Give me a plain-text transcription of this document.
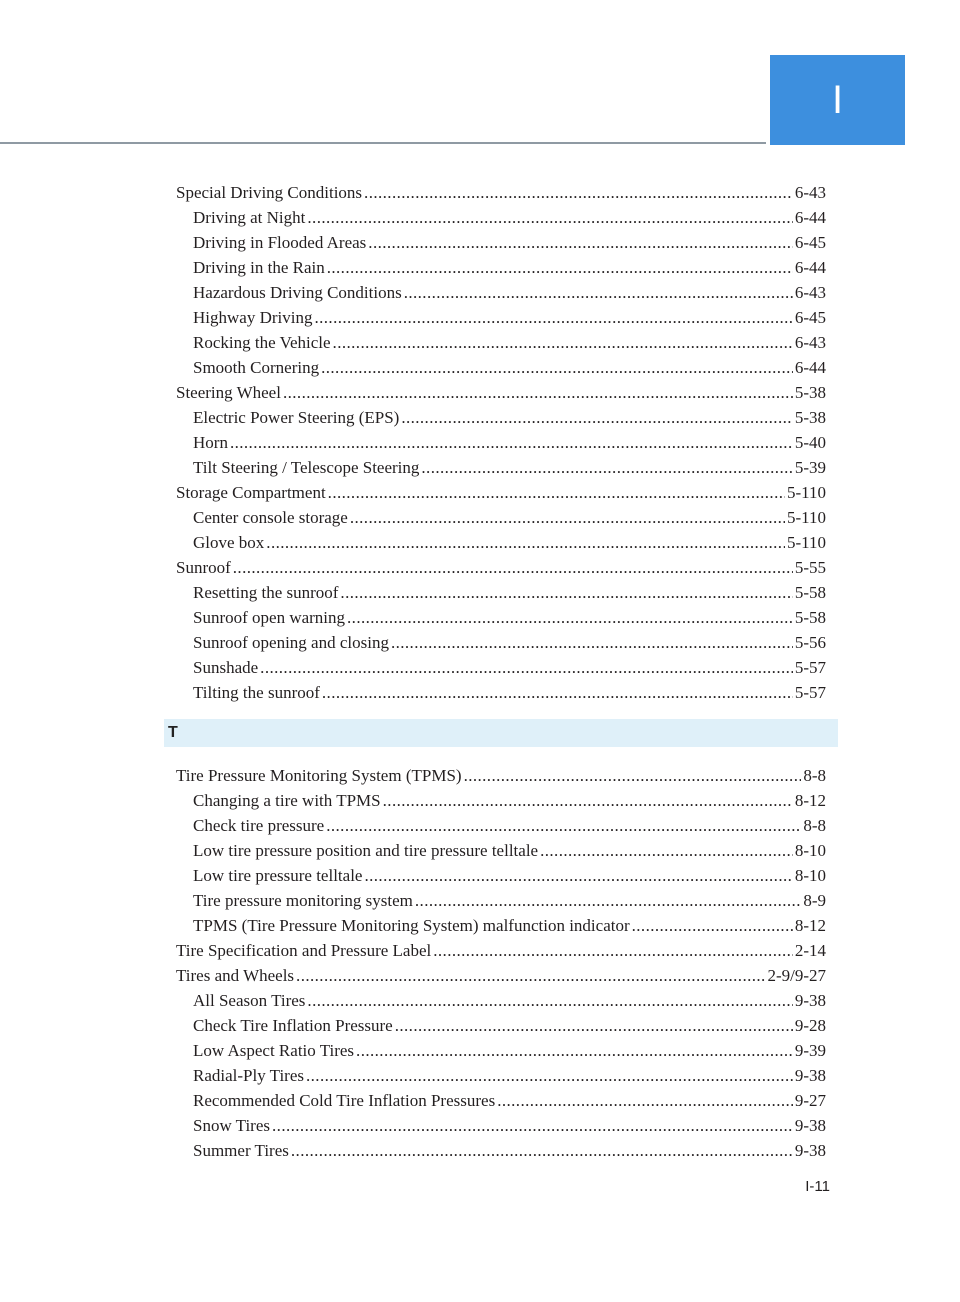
I
Special Driving Conditions .....	6-43
Driving at Night .....	6-44
Driving in Flooded Areas .....	6-45
Driving in the Rain .....	6-44
Hazardous Driving Conditions .....	6-43
Highway Driving .....	6-45
Rocking the Vehicle .....	6-43
Smooth Cornering .....	6-44
Steering Wheel .....	5-38
Electric Power Steering (EPS) .....	5-38
Horn .....	5-40
Tilt Steering / Telescope Steering .....	5-39
Storage Compartment .....	5-110
Center console storage .....	5-110
Glove box .....	5-110
Sunroof .....	5-55
Resetting the sunroof .....	5-58
Sunroof open warning .....	5-58
Sunroof opening and closing .....	5-56
Sunshade .....	5-57
Tilting the sunroof .....	5-57
T
Tire Pressure Monitoring System (TPMS) .....	8-8
Changing a tire with TPMS .....	8-12
Check tire pressure .....	8-8
Low tire pressure position and tire pressure telltale .....	8-10
Low tire pressure telltale .....	8-10
Tire pressure monitoring system .....	8-9
TPMS (Tire Pressure Monitoring System) malfunction indicator .....	8-12
Tire Specification and Pressure Label .....	2-14
Tires and Wheels .....	2-9/9-27
All Season Tires .....	9-38
Check Tire Inflation Pressure .....	9-28
Low Aspect Ratio Tires .....	9-39
Radial-Ply Tires .....	9-38
Recommended Cold Tire Inflation Pressures .....	9-27
Snow Tires .....	9-38
Summer Tires .....	9-38
I-11
